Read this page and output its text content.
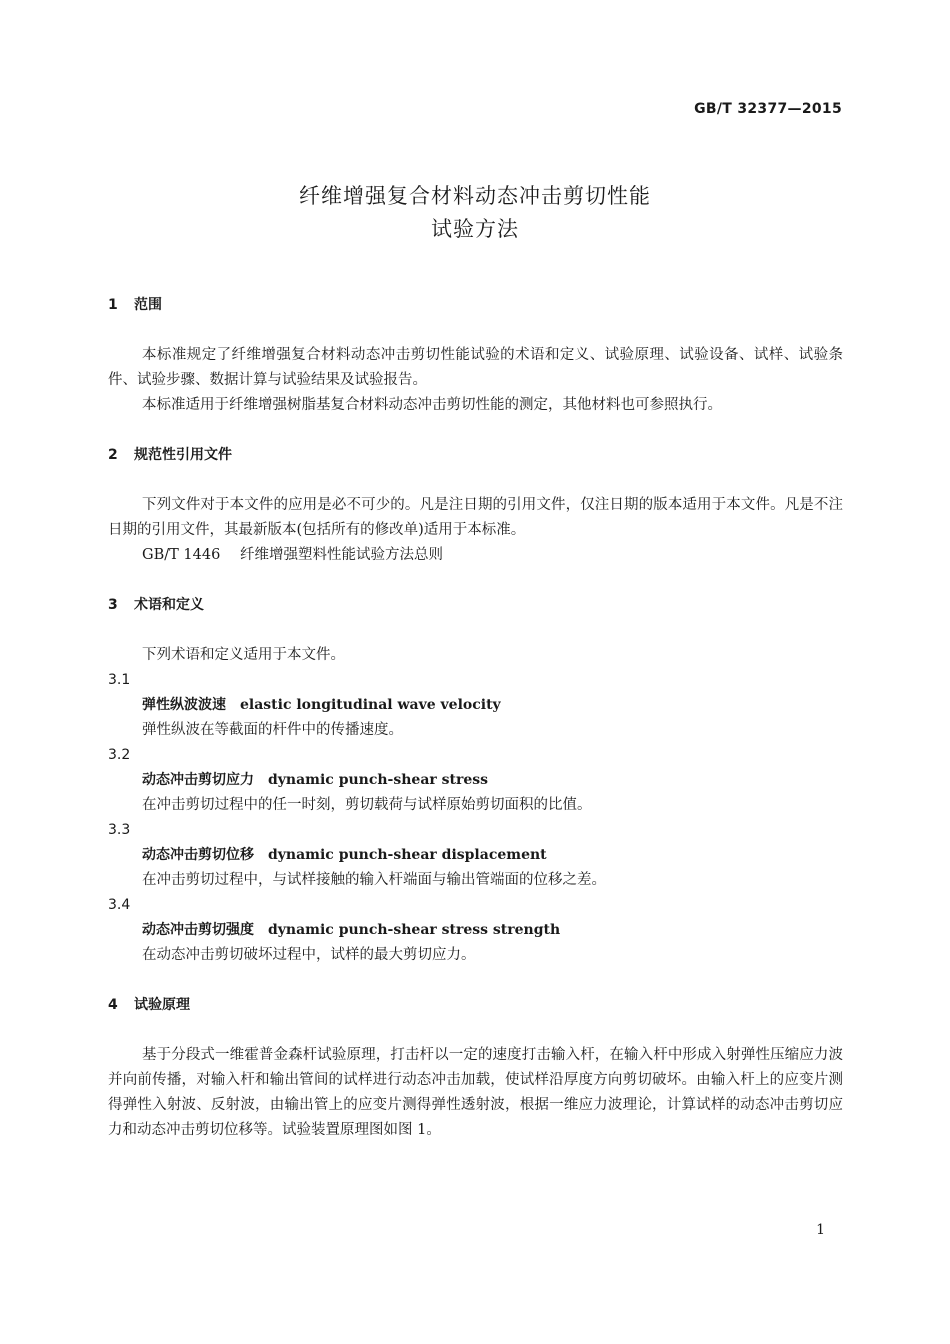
GB/T 32377—2015
纤维增强复合材料动态冲击剪切性能
试验方法
1 范围

本标准规定了纤维增强复合材料动态冲击剪切性能试验的术语和定义、试验原理、试验设备、试样、试验条件、试验步骤、数据计算与试验结果及试验报告。

本标准适用于纤维增强树脂基复合材料动态冲击剪切性能的测定，其他材料也可参照执行。

2 规范性引用文件

下列文件对于本文件的应用是必不可少的。凡是注日期的引用文件，仅注日期的版本适用于本文件。凡是不注日期的引用文件，其最新版本(包括所有的修改单)适用于本标准。

GB/T 1446 纤维增强塑料性能试验方法总则
3 术语和定义

下列术语和定义适用于本文件。

3.1
弹性纵波波速 elastic longitudinal wave velocity
弹性纵波在等截面的杆件中的传播速度。
3.2
动态冲击剪切应力 dynamic punch-shear stress
在冲击剪切过程中的任一时刻，剪切载荷与试样原始剪切面积的比值。
3.3
动态冲击剪切位移 dynamic punch-shear displacement
在冲击剪切过程中，与试样接触的输入杆端面与输出管端面的位移之差。
3.4
动态冲击剪切强度 dynamic punch-shear stress strength
在动态冲击剪切破坏过程中，试样的最大剪切应力。
4 试验原理

基于分段式一维霍普金森杆试验原理，打击杆以一定的速度打击输入杆，在输入杆中形成入射弹性压缩应力波并向前传播，对输入杆和输出管间的试样进行动态冲击加载，使试样沿厚度方向剪切破坏。由输入杆上的应变片测得弹性入射波、反射波，由输出管上的应变片测得弹性透射波，根据一维应力波理论，计算试样的动态冲击剪切应力和动态冲击剪切位移等。试验装置原理图如图 1。

1
